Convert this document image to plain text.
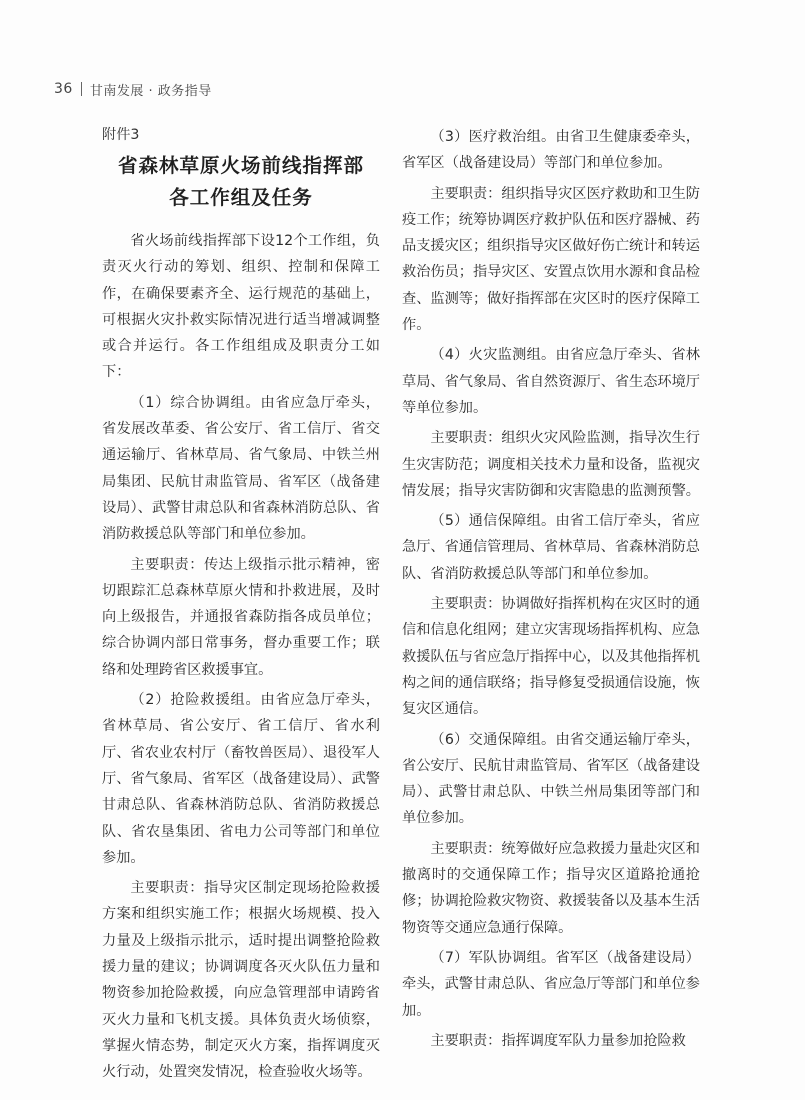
36 甘南发展 · 政务指导
附件3
省森林草原火场前线指挥部
各工作组及任务

省火场前线指挥部下设12个工作组，负责灭火行动的筹划、组织、控制和保障工作，在确保要素齐全、运行规范的基础上，可根据火灾扑救实际情况进行适当增减调整或合并运行。各工作组组成及职责分工如下：

（1）综合协调组。由省应急厅牵头，省发展改革委、省公安厅、省工信厅、省交通运输厅、省林草局、省气象局、中铁兰州局集团、民航甘肃监管局、省军区（战备建设局）、武警甘肃总队和省森林消防总队、省消防救援总队等部门和单位参加。

主要职责：传达上级指示批示精神，密切跟踪汇总森林草原火情和扑救进展，及时向上级报告，并通报省森防指各成员单位；综合协调内部日常事务，督办重要工作；联络和处理跨省区救援事宜。

（2）抢险救援组。由省应急厅牵头，省林草局、省公安厅、省工信厅、省水利厅、省农业农村厅（畜牧兽医局）、退役军人厅、省气象局、省军区（战备建设局）、武警甘肃总队、省森林消防总队、省消防救援总队、省农垦集团、省电力公司等部门和单位参加。

主要职责：指导灾区制定现场抢险救援方案和组织实施工作；根据火场规模、投入力量及上级指示批示，适时提出调整抢险救援力量的建议；协调调度各灭火队伍力量和物资参加抢险救援，向应急管理部申请跨省灭火力量和飞机支援。具体负责火场侦察，掌握火情态势，制定灭火方案，指挥调度灭火行动，处置突发情况，检查验收火场等。

（3）医疗救治组。由省卫生健康委牵头，省军区（战备建设局）等部门和单位参加。

主要职责：组织指导灾区医疗救助和卫生防疫工作；统筹协调医疗救护队伍和医疗器械、药品支援灾区；组织指导灾区做好伤亡统计和转运救治伤员；指导灾区、安置点饮用水源和食品检查、监测等；做好指挥部在灾区时的医疗保障工作。

（4）火灾监测组。由省应急厅牵头、省林草局、省气象局、省自然资源厅、省生态环境厅等单位参加。

主要职责：组织火灾风险监测，指导次生行生灾害防范；调度相关技术力量和设备，监视灾情发展；指导灾害防御和灾害隐患的监测预警。

（5）通信保障组。由省工信厅牵头，省应急厅、省通信管理局、省林草局、省森林消防总队、省消防救援总队等部门和单位参加。

主要职责：协调做好指挥机构在灾区时的通信和信息化组网；建立灾害现场指挥机构、应急救援队伍与省应急厅指挥中心，以及其他指挥机构之间的通信联络；指导修复受损通信设施，恢复灾区通信。

（6）交通保障组。由省交通运输厅牵头，省公安厅、民航甘肃监管局、省军区（战备建设局）、武警甘肃总队、中铁兰州局集团等部门和单位参加。

主要职责：统筹做好应急救援力量赴灾区和撤离时的交通保障工作；指导灾区道路抢通抢修；协调抢险救灾物资、救援装备以及基本生活物资等交通应急通行保障。

（7）军队协调组。省军区（战备建设局）牵头，武警甘肃总队、省应急厅等部门和单位参加。

主要职责：指挥调度军队力量参加抢险救
